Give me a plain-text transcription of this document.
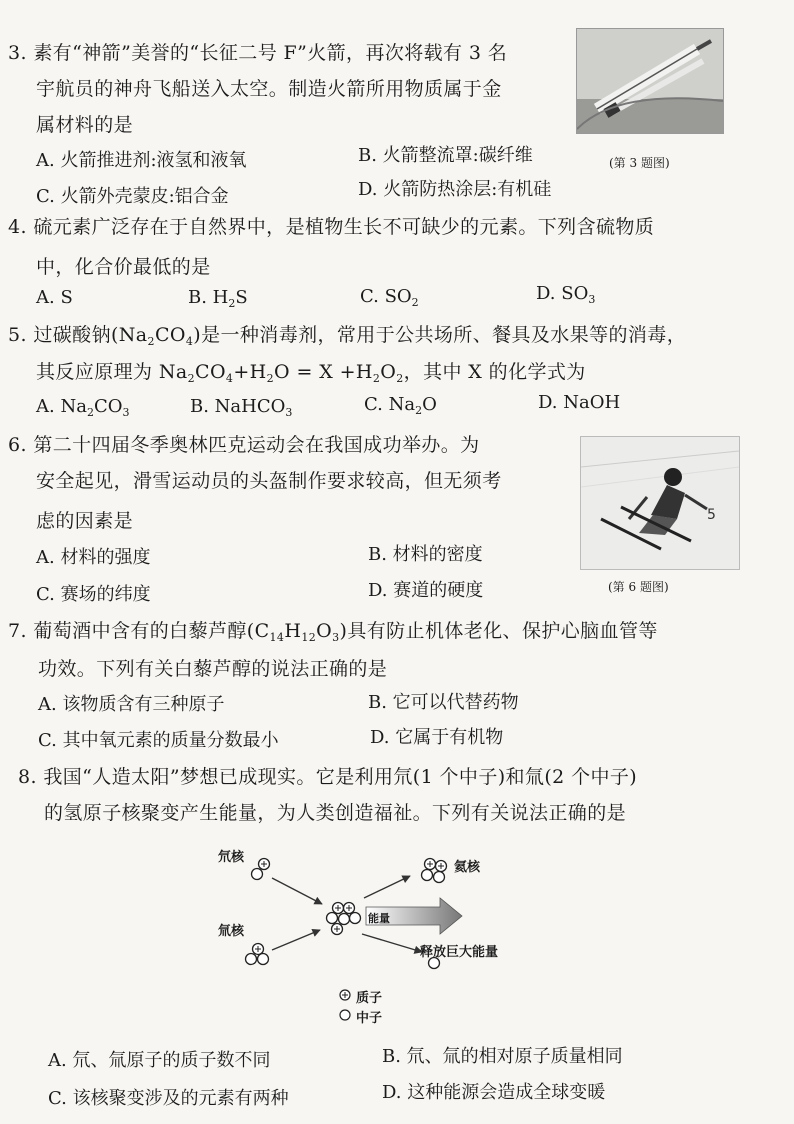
3. 素有“神箭”美誉的“长征二号 F”火箭，再次将载有 3 名
宇航员的神舟飞船送入太空。制造火箭所用物质属于金
属材料的是
A. 火箭推进剂:液氢和液氧	B. 火箭整流罩:碳纤维
C. 火箭外壳蒙皮:铝合金	D. 火箭防热涂层:有机硅
(第 3 题图)
4. 硫元素广泛存在于自然界中，是植物生长不可缺少的元素。下列含硫物质
中，化合价最低的是
A. S	B. $H_2S$	C. $SO_2$	D. $SO_3$
5. 过碳酸钠$(Na_2CO_4)$是一种消毒剂，常用于公共场所、餐具及水果等的消毒，
其反应原理为 $Na_2CO_4+H_2O = X +H_2O_2$，其中 X 的化学式为
A. $Na_2CO_3$	B. NaHCO$_3$	C. $Na_2O$	D. NaOH
6. 第二十四届冬季奥林匹克运动会在我国成功举办。为
安全起见，滑雪运动员的头盔制作要求较高，但无须考
虑的因素是
A. 材料的强度	B. 材料的密度
C. 赛场的纬度	D. 赛道的硬度
5
(第 6 题图)
7. 葡萄酒中含有的白藜芦醇$(C_{14}H_{12}O_3)$具有防止机体老化、保护心脑血管等
功效。下列有关白藜芦醇的说法正确的是
A. 该物质含有三种原子	B. 它可以代替药物
C. 其中氧元素的质量分数最小	D. 它属于有机物
8. 我国“人造太阳”梦想已成现实。它是利用氘(1 个中子)和氚(2 个中子)
的氢原子核聚变产生能量，为人类创造福祉。下列有关说法正确的是
氘核
氚核
氦核
能量
释放巨大能量
质子
中子
A. 氘、氚原子的质子数不同	B. 氘、氚的相对原子质量相同
C. 该核聚变涉及的元素有两种	D. 这种能源会造成全球变暖
